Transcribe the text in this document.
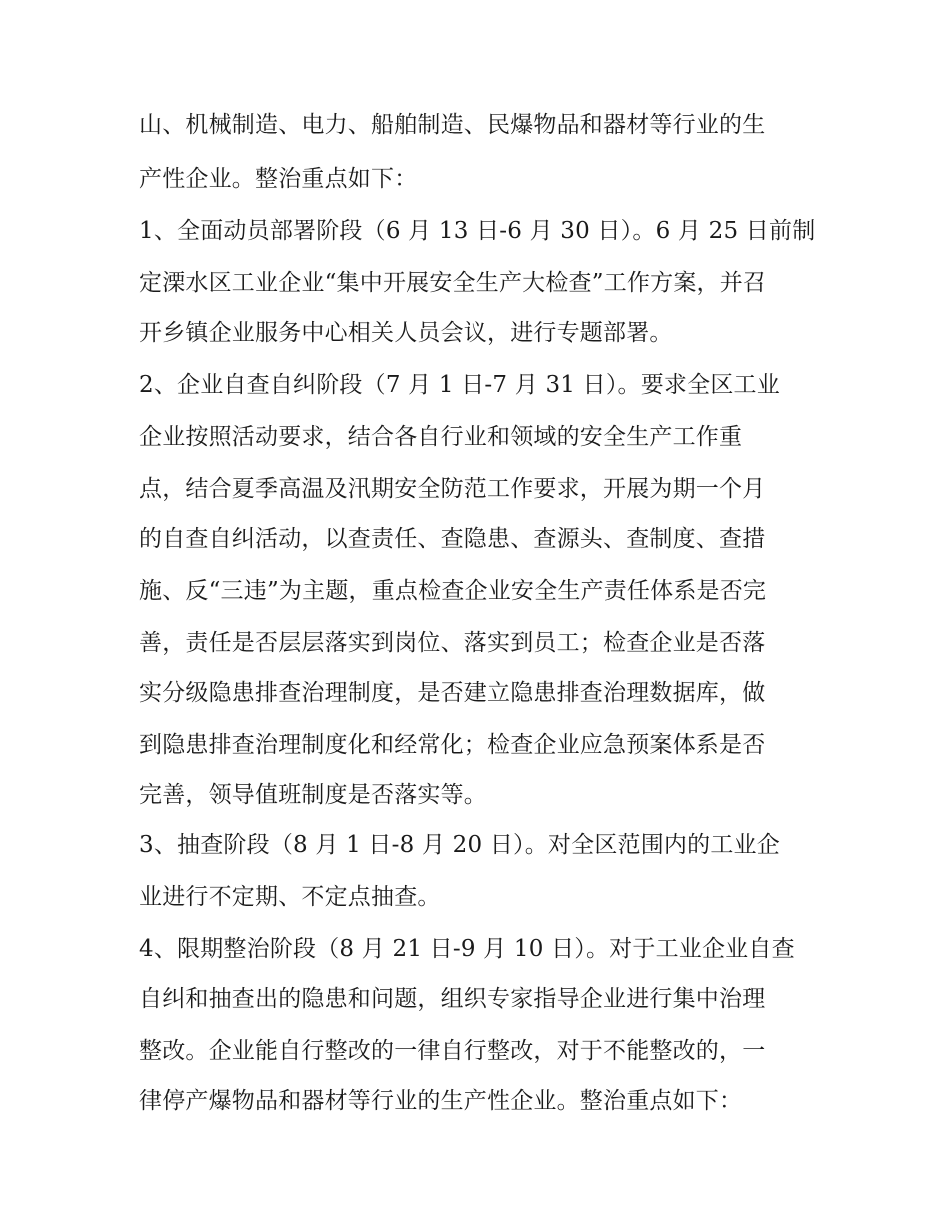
山、机械制造、电力、船舶制造、民爆物品和器材等行业的生

产性企业。整治重点如下：

1、全面动员部署阶段（6 月 13 日-6 月 30 日）。6 月 25 日前制

定溧水区工业企业“集中开展安全生产大检查”工作方案，并召

开乡镇企业服务中心相关人员会议，进行专题部署。

2、企业自查自纠阶段（7 月 1 日-7 月 31 日）。要求全区工业

企业按照活动要求，结合各自行业和领域的安全生产工作重

点，结合夏季高温及汛期安全防范工作要求，开展为期一个月

的自查自纠活动，以查责任、查隐患、查源头、查制度、查措

施、反“三违”为主题，重点检查企业安全生产责任体系是否完

善，责任是否层层落实到岗位、落实到员工；检查企业是否落

实分级隐患排查治理制度，是否建立隐患排查治理数据库，做

到隐患排查治理制度化和经常化；检查企业应急预案体系是否

完善，领导值班制度是否落实等。

3、抽查阶段（8 月 1 日-8 月 20 日）。对全区范围内的工业企

业进行不定期、不定点抽查。

4、限期整治阶段（8 月 21 日-9 月 10 日）。对于工业企业自查

自纠和抽查出的隐患和问题，组织专家指导企业进行集中治理

整改。企业能自行整改的一律自行整改，对于不能整改的，一

律停产爆物品和器材等行业的生产性企业。整治重点如下：
